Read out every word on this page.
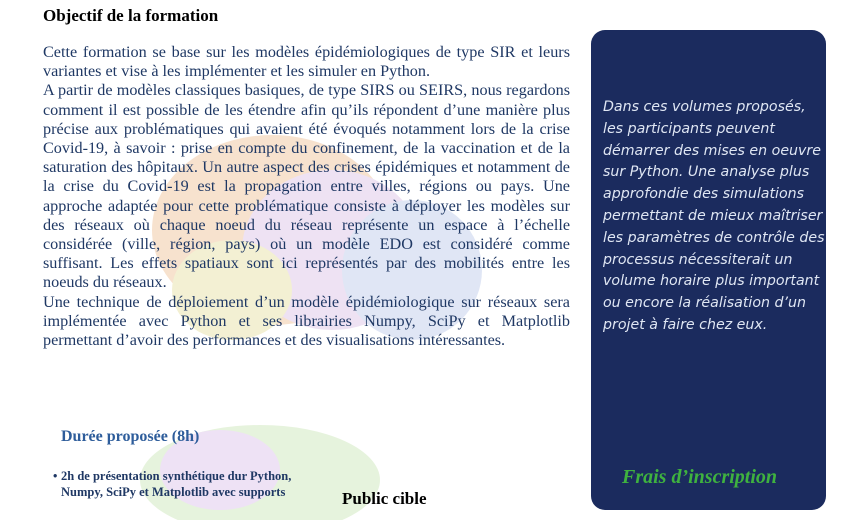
Objectif de la formation

Cette formation se base sur les modèles épidémiologiques de type SIR et leurs variantes et vise à les implémenter et les simuler en Python.

A partir de modèles classiques basiques, de type SIRS ou SEIRS, nous regardons comment il est possible de les étendre afin qu’ils répondent d’une manière plus précise aux problématiques qui avaient été évoqués notamment lors de la crise Covid-19, à savoir : prise en compte du confinement, de la vaccination et de la saturation des hôpitaux. Un autre aspect des crises épidémiques et notamment de la crise du Covid-19 est la propagation entre villes, régions ou pays. Une approche adaptée pour cette problématique consiste à déployer les modèles sur des réseaux où chaque noeud du réseau représente un espace à l’échelle considérée (ville, région, pays) où un modèle EDO est considéré comme suffisant. Les effets spatiaux sont ici représentés par des mobilités entre les noeuds du réseaux.

Une technique de déploiement d’un modèle épidémiologique sur réseaux sera implémentée avec Python et ses librairies Numpy, SciPy et Matplotlib permettant d’avoir des performances et des visualisations intéressantes.

Durée proposée (8h)
• 2h de présentation synthétique dur Python, Numpy, SciPy et Matplotlib avec supports	Public cible
Dans ces volumes proposés, les participants peuvent démarrer des mises en oeuvre sur Python. Une analyse plus approfondie des simulations permettant de mieux maîtriser les paramètres de contrôle des processus nécessiterait un volume horaire plus important ou encore la réalisation d’un projet à faire chez eux.
Frais d’inscription
